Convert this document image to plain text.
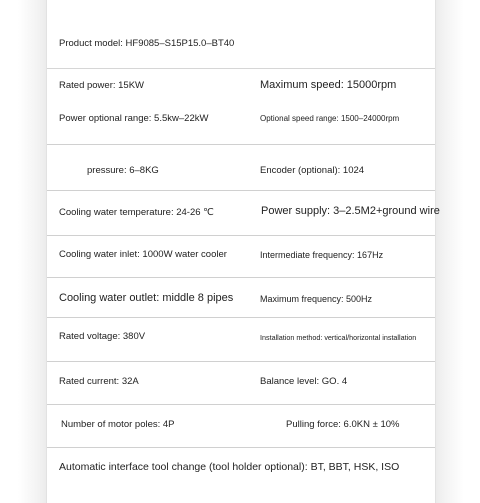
Product model: HF9085–S15P15.0–BT40
Rated power: 15KW	Maximum speed: 15000rpm
Power optional range: 5.5kw–22kW	Optional speed range: 1500–24000rpm
pressure: 6–8KG	Encoder (optional): 1024
Cooling water temperature: 24-26 ℃	Power supply: 3–2.5M2+ground wire
Cooling water inlet: 1000W water cooler	Intermediate frequency: 167Hz
Cooling water outlet: middle 8 pipes	Maximum frequency: 500Hz
Rated voltage: 380V	Installation method: vertical/horizontal installation
Rated current: 32A	Balance level: GO. 4
Number of motor poles: 4P	Pulling force: 6.0KN ± 10%
Automatic interface tool change (tool holder optional): BT, BBT, HSK, ISO
